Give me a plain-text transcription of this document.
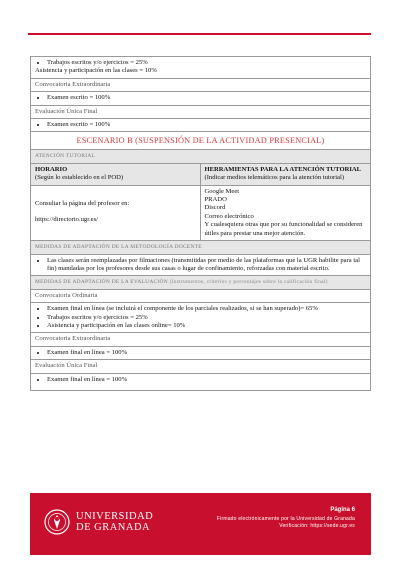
• Trabajos escritos y/o ejercicios = 25%
Asistencia y participación en las clases = 10%
Convocatoria Extraordinaria
• Examen escrito = 100%
Evaluación Única Final
• Examen escrito = 100%
ESCENARIO B (SUSPENSIÓN DE LA ACTIVIDAD PRESENCIAL)
ATENCIÓN TUTORIAL
HORARIO
(Según lo establecido en el POD)
HERRAMIENTAS PARA LA ATENCIÓN TUTORIAL
(Indicar medios telemáticos para la atención tutorial)
Consultar la página del profesor en:
https://directorio.ugr.es/
Google Meet
PRADO
Discord
Correo electrónico
Y cualesquiera otras que por su funcionalidad se consideren útiles para prestar una mejor atención.
MEDIDAS DE ADAPTACIÓN DE LA METODOLOGÍA DOCENTE
• Las clases serán reemplazadas por filmaciones (transmitidas por medio de las plataformas que la UGR habilite para tal fin) mandadas por los profesores desde sus casas o lugar de confinamiento, reforzadas con material escrito.
MEDIDAS DE ADAPTACIÓN DE LA EVALUACIÓN (Instrumentos, criterios y porcentajes sobre la calificación final)
Convocatoria Ordinaria
• Examen final en línea (se incluirá el componente de los parciales realizados, si se han superado)= 65%
• Trabajos escritos y/o ejercicios = 25%
• Asistencia y participación en las clases online= 10%
Convocatoria Extraordinaria
• Examen final en línea = 100%
Evaluación Única Final
• Examen final en línea = 100%
UNIVERSIDAD
DE GRANADA
Página 6
Firmado electrónicamente por la Universidad de Granada
Verificación: https://sede.ugr.es
